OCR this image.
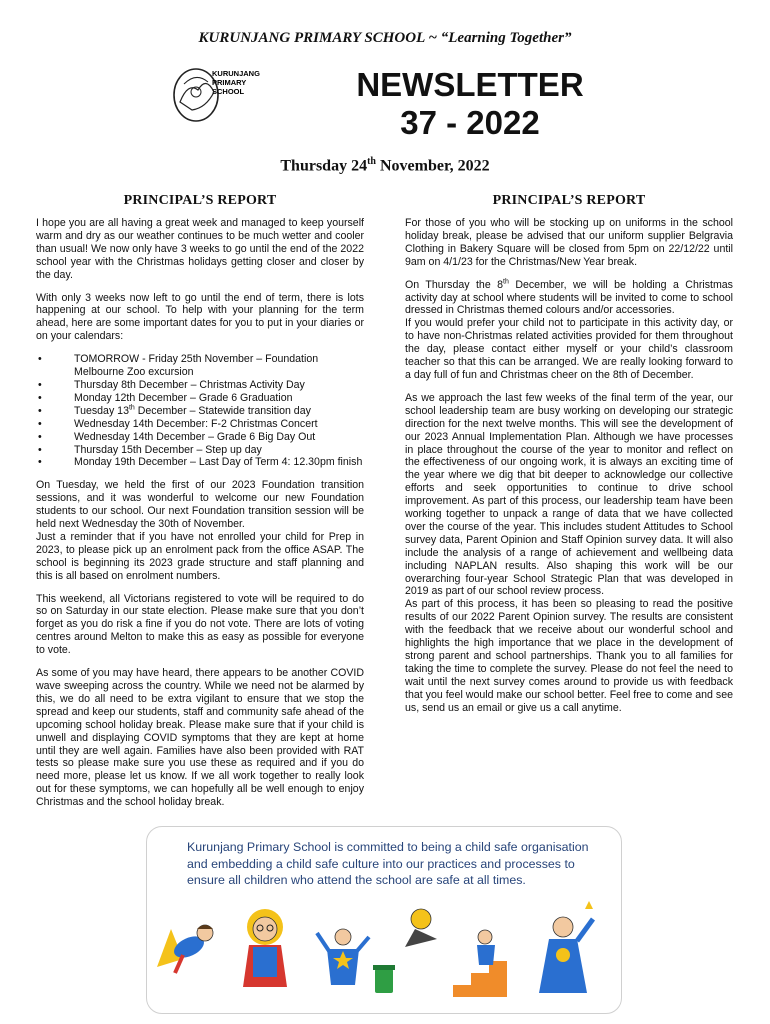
KURUNJANG PRIMARY SCHOOL ~ “Learning Together”
KURUNJANG
PRIMARY
SCHOOL	NEWSLETTER
37 - 2022
Thursday 24th November, 2022
PRINCIPAL’S REPORT

I hope you are all having a great week and managed to keep yourself warm and dry as our weather continues to be much wetter and cooler than usual! We now only have 3 weeks to go until the end of the 2022 school year with the Christmas holidays getting closer and closer by the day.

With only 3 weeks now left to go until the end of term, there is lots happening at our school. To help with your planning for the term ahead, here are some important dates for you to put in your diaries or on your calendars:

• TOMORROW - Friday 25th November – Foundation Melbourne Zoo excursion
• Thursday 8th December – Christmas Activity Day
• Monday 12th December – Grade 6 Graduation
• Tuesday 13th December – Statewide transition day
• Wednesday 14th December: F-2 Christmas Concert
• Wednesday 14th December – Grade 6 Big Day Out
• Thursday 15th December – Step up day
• Monday 19th December – Last Day of Term 4: 12.30pm finish

On Tuesday, we held the first of our 2023 Foundation transition sessions, and it was wonderful to welcome our new Foundation students to our school. Our next Foundation transition session will be held next Wednesday the 30th of November.

Just a reminder that if you have not enrolled your child for Prep in 2023, to please pick up an enrolment pack from the office ASAP. The school is beginning its 2023 grade structure and staff planning and this is all based on enrolment numbers.

This weekend, all Victorians registered to vote will be required to do so on Saturday in our state election. Please make sure that you don’t forget as you do risk a fine if you do not vote. There are lots of voting centres around Melton to make this as easy as possible for everyone to vote.

As some of you may have heard, there appears to be another COVID wave sweeping across the country. While we need not be alarmed by this, we do all need to be extra vigilant to ensure that we stop the spread and keep our students, staff and community safe ahead of the upcoming school holiday break. Please make sure that if your child is unwell and displaying COVID symptoms that they are kept at home until they are well again. Families have also been provided with RAT tests so please make sure you use these as required and if you do need more, please let us know. If we all work together to really look out for these symptoms, we can hopefully all be well enough to enjoy Christmas and the school holiday break.

PRINCIPAL’S REPORT

For those of you who will be stocking up on uniforms in the school holiday break, please be advised that our uniform supplier Belgravia Clothing in Bakery Square will be closed from 5pm on 22/12/22 until 9am on 4/1/23 for the Christmas/New Year break.

On Thursday the 8th December, we will be holding a Christmas activity day at school where students will be invited to come to school dressed in Christmas themed colours and/or accessories.

If you would prefer your child not to participate in this activity day, or to have non-Christmas related activities provided for them throughout the day, please contact either myself or your child’s classroom teacher so that this can be arranged. We are really looking forward to a day full of fun and Christmas cheer on the 8th of December.

As we approach the last few weeks of the final term of the year, our school leadership team are busy working on developing our strategic direction for the next twelve months. This will see the development of our 2023 Annual Implementation Plan. Although we have processes in place throughout the course of the year to monitor and reflect on the effectiveness of our ongoing work, it is always an exciting time of the year where we dig that bit deeper to acknowledge our collective efforts and seek opportunities to continue to drive school improvement. As part of this process, our leadership team have been working together to unpack a range of data that we have collected over the course of the year. This includes student Attitudes to School survey data, Parent Opinion and Staff Opinion survey data. It will also include the analysis of a range of achievement and wellbeing data including NAPLAN results. Also shaping this work will be our overarching four-year School Strategic Plan that was developed in 2019 as part of our school review process.

As part of this process, it has been so pleasing to read the positive results of our 2022 Parent Opinion survey. The results are consistent with the feedback that we receive about our wonderful school and highlights the high importance that we place in the development of strong parent and school partnerships. Thank you to all families for taking the time to complete the survey. Please do not feel the need to wait until the next survey comes around to provide us with feedback that you feel would make our school better. Feel free to come and see us, send us an email or give us a call anytime.

Kurunjang Primary School is committed to being a child safe organisation and embedding a child safe culture into our practices and processes to ensure all children who attend the school are safe at all times.
